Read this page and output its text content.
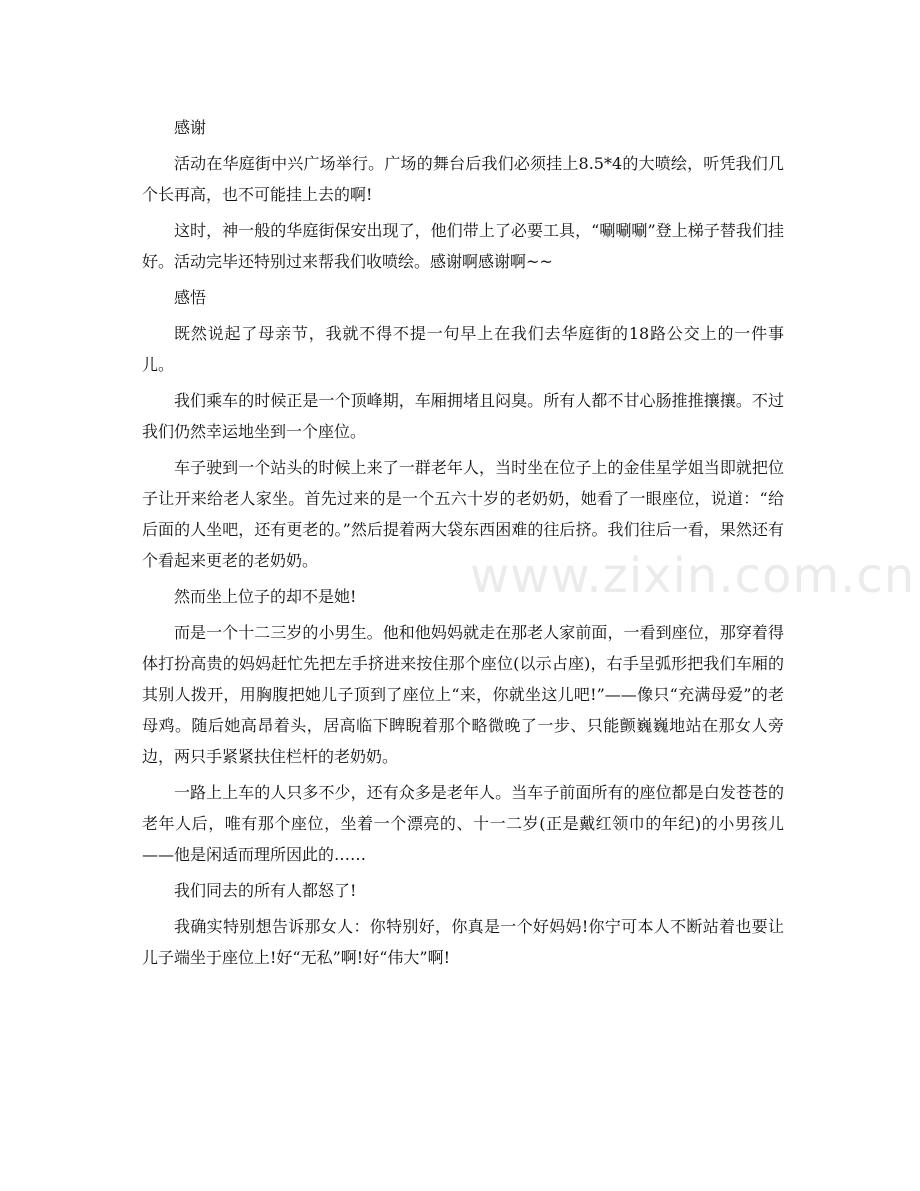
感谢

活动在华庭街中兴广场举行。广场的舞台后我们必须挂上8.5*4的大喷绘，听凭我们几个长再高，也不可能挂上去的啊!

这时，神一般的华庭街保安出现了，他们带上了必要工具，“唰唰唰”登上梯子替我们挂好。活动完毕还特别过来帮我们收喷绘。感谢啊感谢啊~~

感悟

既然说起了母亲节，我就不得不提一句早上在我们去华庭街的18路公交上的一件事儿。

我们乘车的时候正是一个顶峰期，车厢拥堵且闷臭。所有人都不甘心肠推推攘攘。不过我们仍然幸运地坐到一个座位。

车子驶到一个站头的时候上来了一群老年人，当时坐在位子上的金佳星学姐当即就把位子让开来给老人家坐。首先过来的是一个五六十岁的老奶奶，她看了一眼座位，说道：“给后面的人坐吧，还有更老的。”然后提着两大袋东西困难的往后挤。我们往后一看，果然还有个看起来更老的老奶奶。

然而坐上位子的却不是她!

而是一个十二三岁的小男生。他和他妈妈就走在那老人家前面，一看到座位，那穿着得体打扮高贵的妈妈赶忙先把左手挤进来按住那个座位(以示占座)，右手呈弧形把我们车厢的其别人拨开，用胸腹把她儿子顶到了座位上“来，你就坐这儿吧!”——像只“充满母爱”的老母鸡。随后她高昂着头，居高临下睥睨着那个略微晚了一步、只能颤巍巍地站在那女人旁边，两只手紧紧扶住栏杆的老奶奶。

一路上上车的人只多不少，还有众多是老年人。当车子前面所有的座位都是白发苍苍的老年人后，唯有那个座位，坐着一个漂亮的、十一二岁(正是戴红领巾的年纪)的小男孩儿——他是闲适而理所因此的……

我们同去的所有人都怒了!

我确实特别想告诉那女人：你特别好，你真是一个好妈妈!你宁可本人不断站着也要让儿子端坐于座位上!好“无私”啊!好“伟大”啊!

www.zixin.com.cn
